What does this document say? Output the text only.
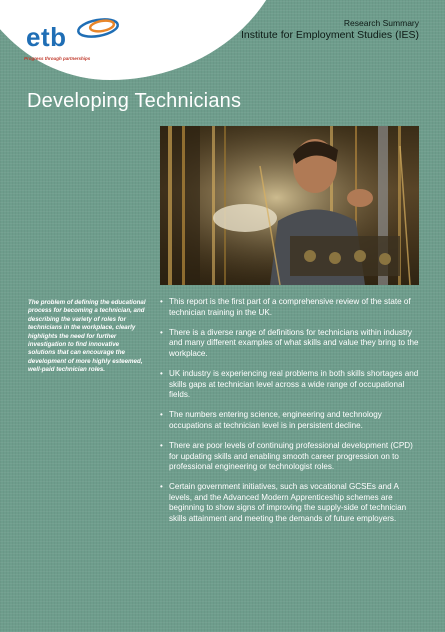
etb
Progress through partnerships
Research Summary
Institute for Employment Studies (IES)
Developing Technicians
The problem of defining the educational process for becoming a technician, and describing the variety of roles for technicians in the workplace, clearly highlights the need for further investigation to find innovative solutions that can encourage the development of more highly esteemed, well-paid technician roles.
• This report is the first part of a comprehensive review of the state of technician training in the UK.
• There is a diverse range of definitions for technicians within industry and many different examples of what skills and value they bring to the workplace.
• UK industry is experiencing real problems in both skills shortages and skills gaps at technician level across a wide range of occupational fields.
• The numbers entering science, engineering and technology occupations at technician level is in persistent decline.
• There are poor levels of continuing professional development (CPD) for updating skills and enabling smooth career progression on to professional engineering or technologist roles.
• Certain government initiatives, such as vocational GCSEs and A levels, and the Advanced Modern Apprenticeship schemes are beginning to show signs of improving the supply-side of technician skills attainment and meeting the demands of future employers.
